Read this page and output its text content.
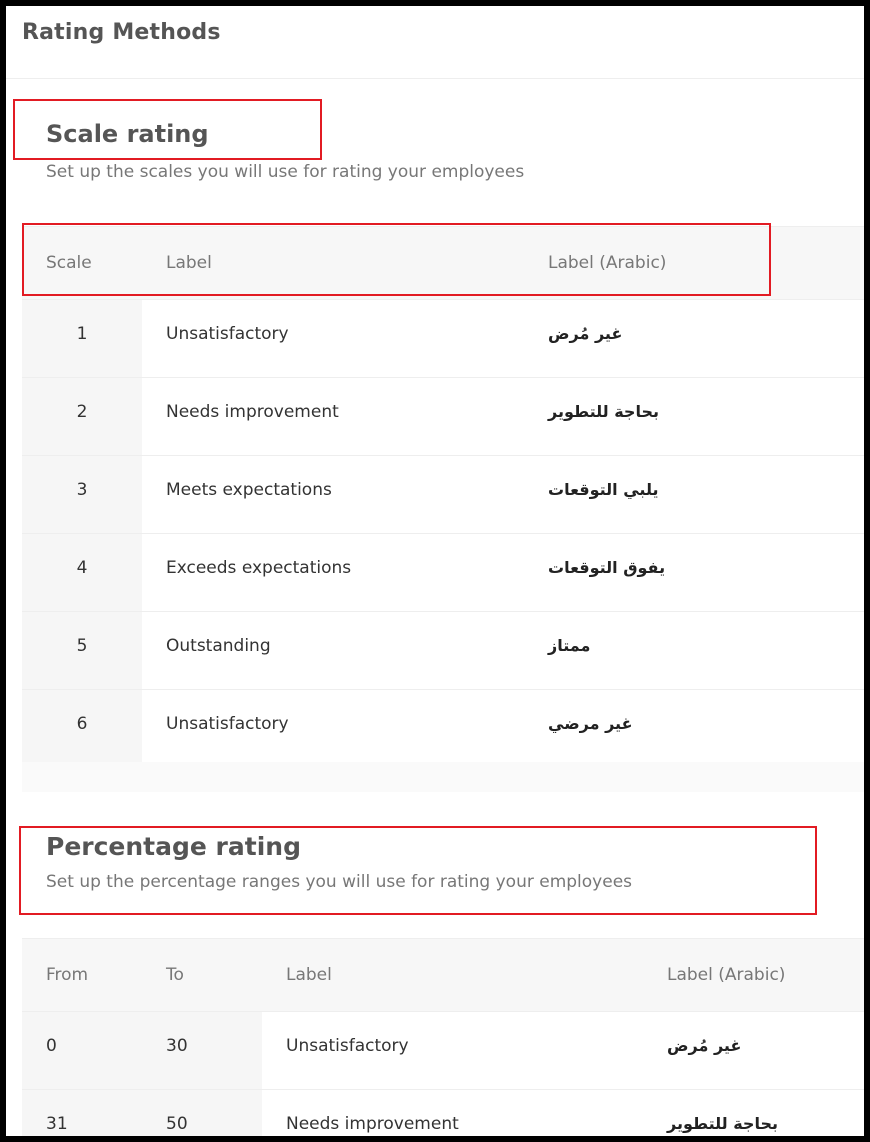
Rating Methods
Scale rating
Set up the scales you will use for rating your employees
Scale	Label	Label (Arabic)
1	Unsatisfactory	غير مُرض
2	Needs improvement	بحاجة للتطوير
3	Meets expectations	يلبي التوقعات
4	Exceeds expectations	يفوق التوقعات
5	Outstanding	ممتاز
6	Unsatisfactory	غير مرضي
Percentage rating
Set up the percentage ranges you will use for rating your employees
From	To	Label	Label (Arabic)
0	30	Unsatisfactory	غير مُرض
31	50	Needs improvement	بحاجة للتطوير
